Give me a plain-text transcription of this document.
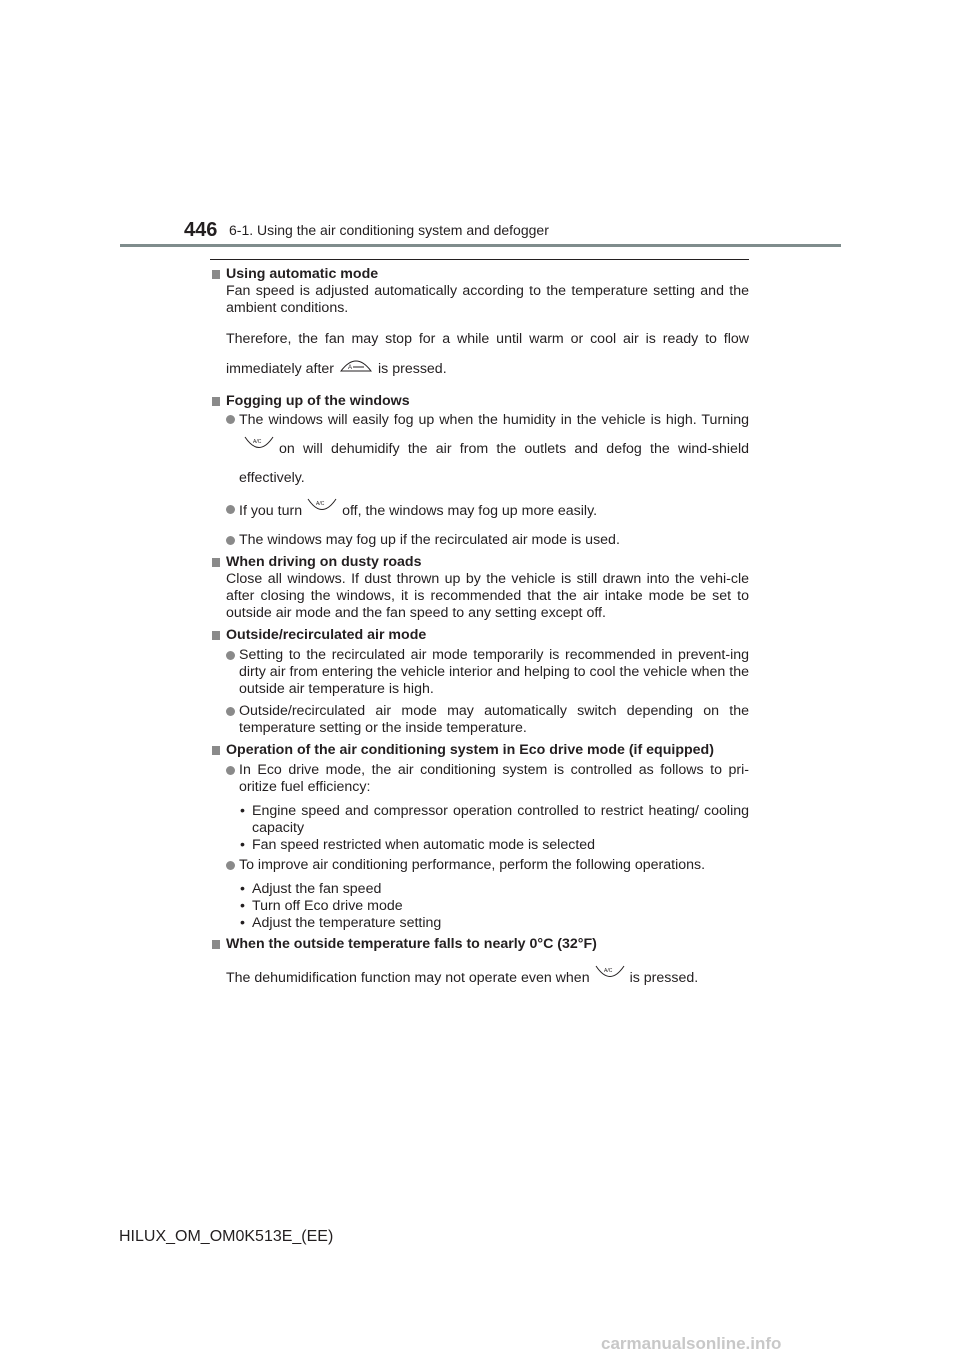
446 6-1. Using the air conditioning system and defogger
Using automatic mode
Fan speed is adjusted automatically according to the temperature setting and the ambient conditions.
Therefore, the fan may stop for a while until warm or cool air is ready to flow immediately after A is pressed.
Fogging up of the windows
The windows will easily fog up when the humidity in the vehicle is high. Turning
A/C on will dehumidify the air from the outlets and defog the wind-shield effectively.
If you turn	A/C off, the windows may fog up more easily.
The windows may fog up if the recirculated air mode is used.
When driving on dusty roads
Close all windows. If dust thrown up by the vehicle is still drawn into the vehi-cle after closing the windows, it is recommended that the air intake mode be set to outside air mode and the fan speed to any setting except off.
Outside/recirculated air mode
Setting to the recirculated air mode temporarily is recommended in prevent-ing dirty air from entering the vehicle interior and helping to cool the vehicle when the outside air temperature is high.
Outside/recirculated air mode may automatically switch depending on the temperature setting or the inside temperature.
Operation of the air conditioning system in Eco drive mode (if equipped)
In Eco drive mode, the air conditioning system is controlled as follows to pri-oritize fuel efficiency:
• Engine speed and compressor operation controlled to restrict heating/ cooling capacity
• Fan speed restricted when automatic mode is selected
To improve air conditioning performance, perform the following operations.
• Adjust the fan speed
• Turn off Eco drive mode
• Adjust the temperature setting
When the outside temperature falls to nearly 0°C (32°F)
The dehumidification function may not operate even when	A/C is pressed.
HILUX_OM_OM0K513E_(EE)
carmanualsonline.info
